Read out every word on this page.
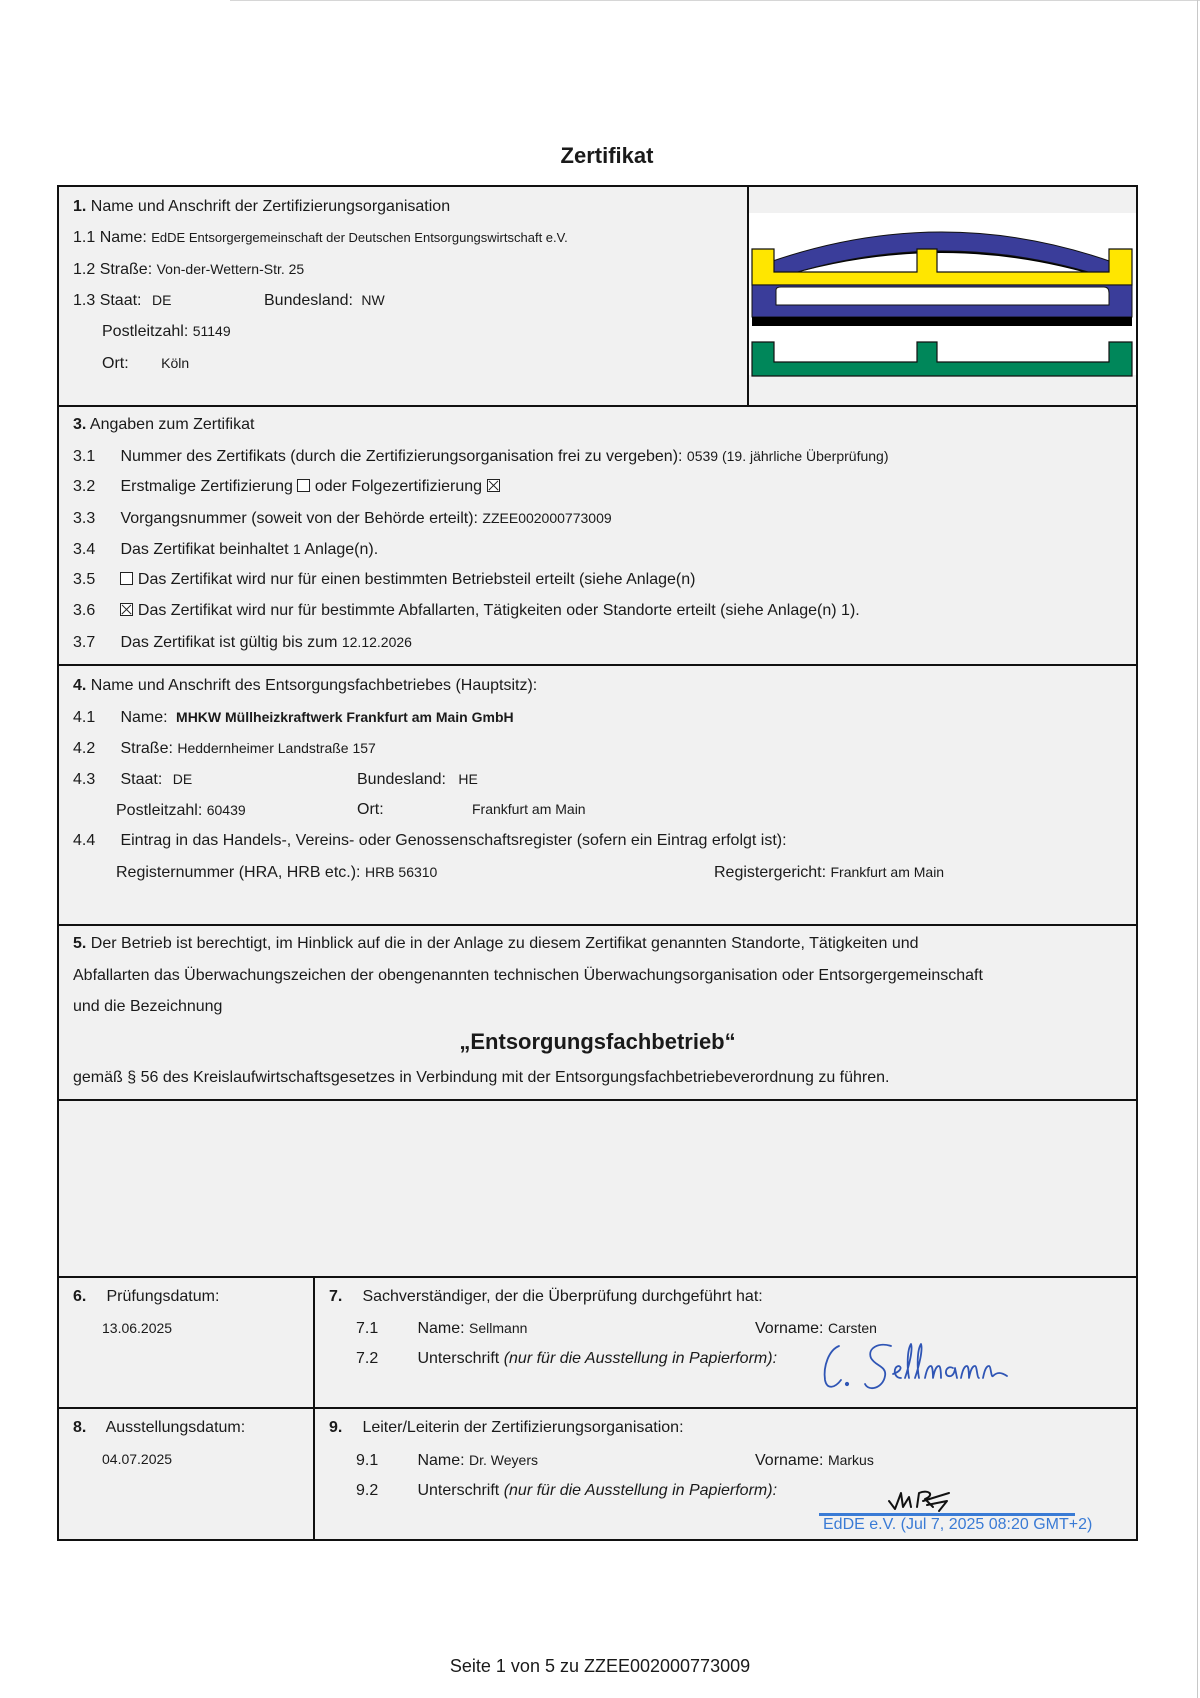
Zertifikat
1. Name und Anschrift der Zertifizierungsorganisation
1.1 Name: EdDE Entsorgergemeinschaft der Deutschen Entsorgungswirtschaft e.V.
1.2 Straße: Von-der-Wettern-Str. 25
1.3 Staat: DE	Bundesland: NW
Postleitzahl: 51149
Ort: Köln
3. Angaben zum Zertifikat
3.1 Nummer des Zertifikats (durch die Zertifizierungsorganisation frei zu vergeben): 0539 (19. jährliche Überprüfung)
3.2 Erstmalige Zertifizierung oder Folgezertifizierung
3.3 Vorgangsnummer (soweit von der Behörde erteilt): ZZEE002000773009
3.4 Das Zertifikat beinhaltet 1 Anlage(n).
3.5	Das Zertifikat wird nur für einen bestimmten Betriebsteil erteilt (siehe Anlage(n)
3.6	Das Zertifikat wird nur für bestimmte Abfallarten, Tätigkeiten oder Standorte erteilt (siehe Anlage(n) 1).
3.7 Das Zertifikat ist gültig bis zum 12.12.2026
4. Name und Anschrift des Entsorgungsfachbetriebes (Hauptsitz):
4.1 Name: MHKW Müllheizkraftwerk Frankfurt am Main GmbH
4.2 Straße: Heddernheimer Landstraße 157
4.3 Staat: DE	Bundesland: HE
Postleitzahl: 60439	Ort:	Frankfurt am Main
4.4 Eintrag in das Handels-, Vereins- oder Genossenschaftsregister (sofern ein Eintrag erfolgt ist):
Registernummer (HRA, HRB etc.): HRB 56310	Registergericht: Frankfurt am Main
5. Der Betrieb ist berechtigt, im Hinblick auf die in der Anlage zu diesem Zertifikat genannten Standorte, Tätigkeiten und
Abfallarten das Überwachungszeichen der obengenannten technischen Überwachungsorganisation oder Entsorgergemeinschaft
und die Bezeichnung
„Entsorgungsfachbetrieb“
gemäß § 56 des Kreislaufwirtschaftsgesetzes in Verbindung mit der Entsorgungsfachbetriebeverordnung zu führen.
6. Prüfungsdatum:
13.06.2025
7. Sachverständiger, der die Überprüfung durchgeführt hat:
7.1 Name: Sellmann	Vorname: Carsten
7.2 Unterschrift (nur für die Ausstellung in Papierform):
8. Ausstellungsdatum:
04.07.2025
9. Leiter/Leiterin der Zertifizierungsorganisation:
9.1 Name: Dr. Weyers	Vorname: Markus
9.2 Unterschrift (nur für die Ausstellung in Papierform):
EdDE e.V. (Jul 7, 2025 08:20 GMT+2)
Seite 1 von 5 zu ZZEE002000773009
